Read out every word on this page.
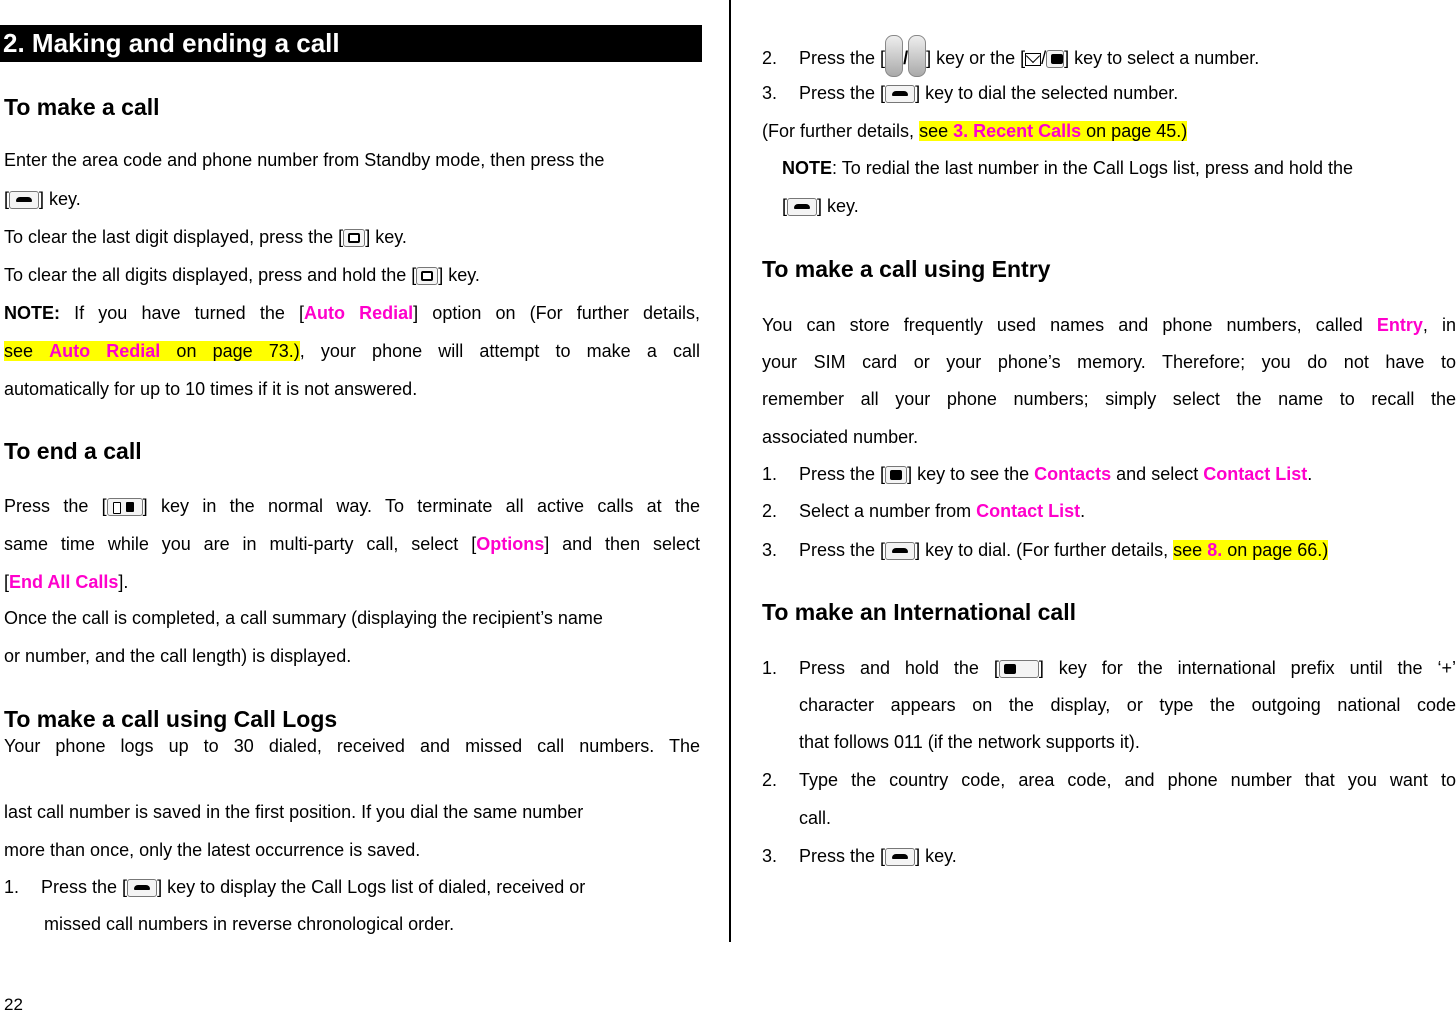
2. Making and ending a call
To make a call
Enter the area code and phone number from Standby mode, then press the
[ ] key.
To clear the last digit displayed, press the [ ] key.
To clear the all digits displayed, press and hold the [ ] key.
NOTE: If you have turned the [Auto Redial] option on (For further details,
see Auto Redial on page 73.), your phone will attempt to make a call
automatically for up to 10 times if it is not answered.
To end a call
Press the [ ] key in the normal way. To terminate all active calls at the
same time while you are in multi-party call, select [Options] and then select
[End All Calls].
Once the call is completed, a call summary (displaying the recipient’s name
or number, and the call length) is displayed.
To make a call using Call Logs
Your phone logs up to 30 dialed, received and missed call numbers. The
last call number is saved in the first position. If you dial the same number
more than once, only the latest occurrence is saved.
1. Press the [ ] key to display the Call Logs list of dialed, received or
missed call numbers in reverse chronological order.
2. Press the [ / ] key or the [ / ] key to select a number.
3. Press the [ ] key to dial the selected number.
(For further details, see 3. Recent Calls on page 45.)
NOTE: To redial the last number in the Call Logs list, press and hold the
[ ] key.
To make a call using Entry
You can store frequently used names and phone numbers, called Entry, in
your SIM card or your phone’s memory. Therefore; you do not have to
remember all your phone numbers; simply select the name to recall the
associated number.
1. Press the [ ] key to see the Contacts and select Contact List.
2. Select a number from Contact List.
3. Press the [ ] key to dial. (For further details, see 8. on page 66.)
To make an International call
1. Press and hold the [ ] key for the international prefix until the ‘+’
character appears on the display, or type the outgoing national code
that follows 011 (if the network supports it).
2. Type the country code, area code, and phone number that you want to
call.
3. Press the [ ] key.
22
